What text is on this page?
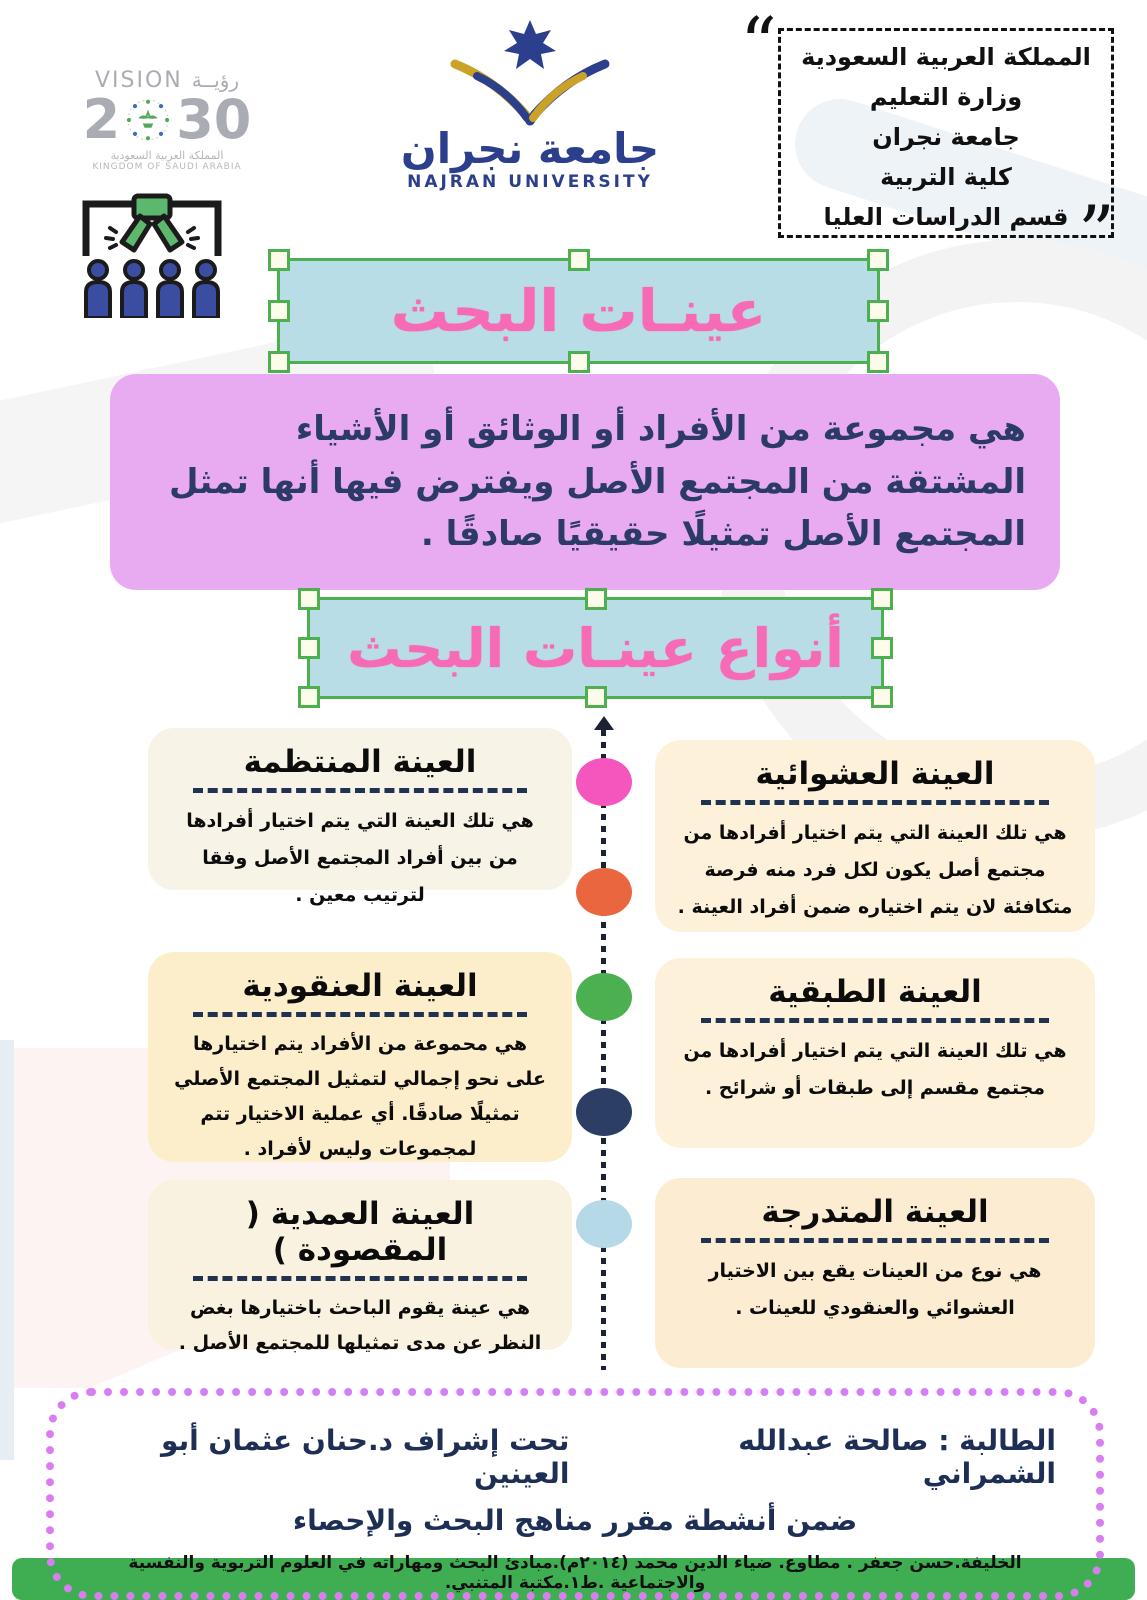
VISION رؤيــة
2 30
المملكة العربية السعودية
KINGDOM OF SAUDI ARABIA	جامعة نجران
NAJRAN UNIVERSITY
“	المملكة العربية السعودية
وزارة التعليم
جامعة نجران
كلية التربية
قسم الدراسات العليا ”
عينـات البحث
هي مجموعة من الأفراد أو الوثائق أو الأشياء المشتقة من المجتمع الأصل ويفترض فيها أنها تمثل المجتمع الأصل تمثيلًا حقيقيًا صادقًا .
أنواع عينـات البحث
العينة العشوائية
هي تلك العينة التي يتم اختيار أفرادها من مجتمع أصل يكون لكل فرد منه فرصة متكافئة لان يتم اختياره ضمن أفراد العينة .
العينة الطبقية
هي تلك العينة التي يتم اختيار أفرادها من مجتمع مقسم إلى طبقات أو شرائح .
العينة المتدرجة
هي نوع من العينات يقع بين الاختيار العشوائي والعنقودي للعينات .
العينة المنتظمة
هي تلك العينة التي يتم اختيار أفرادها من بين أفراد المجتمع الأصل وفقا لترتيب معين .
العينة العنقودية
هي محموعة من الأفراد يتم اختيارها على نحو إجمالي لتمثيل المجتمع الأصلي تمثيلًا صادقًا. أي عملية الاختيار تتم لمجموعات وليس لأفراد .
العينة العمدية ( المقصودة )
هي عينة يقوم الباحث باختيارها بغض النظر عن مدى تمثيلها للمجتمع الأصل .
الطالبة : صالحة عبدالله الشمراني
تحت إشراف د.حنان عثمان أبو العينين
ضمن أنشطة مقرر مناهج البحث والإحصاء
الخليفة.حسن جعفر . مطاوع. ضياء الدين محمد (٢٠١٤م).مبادئ البحث ومهاراته في العلوم التربوية والنفسية والاجتماعية .ط١.مكتبة المتنبي.
